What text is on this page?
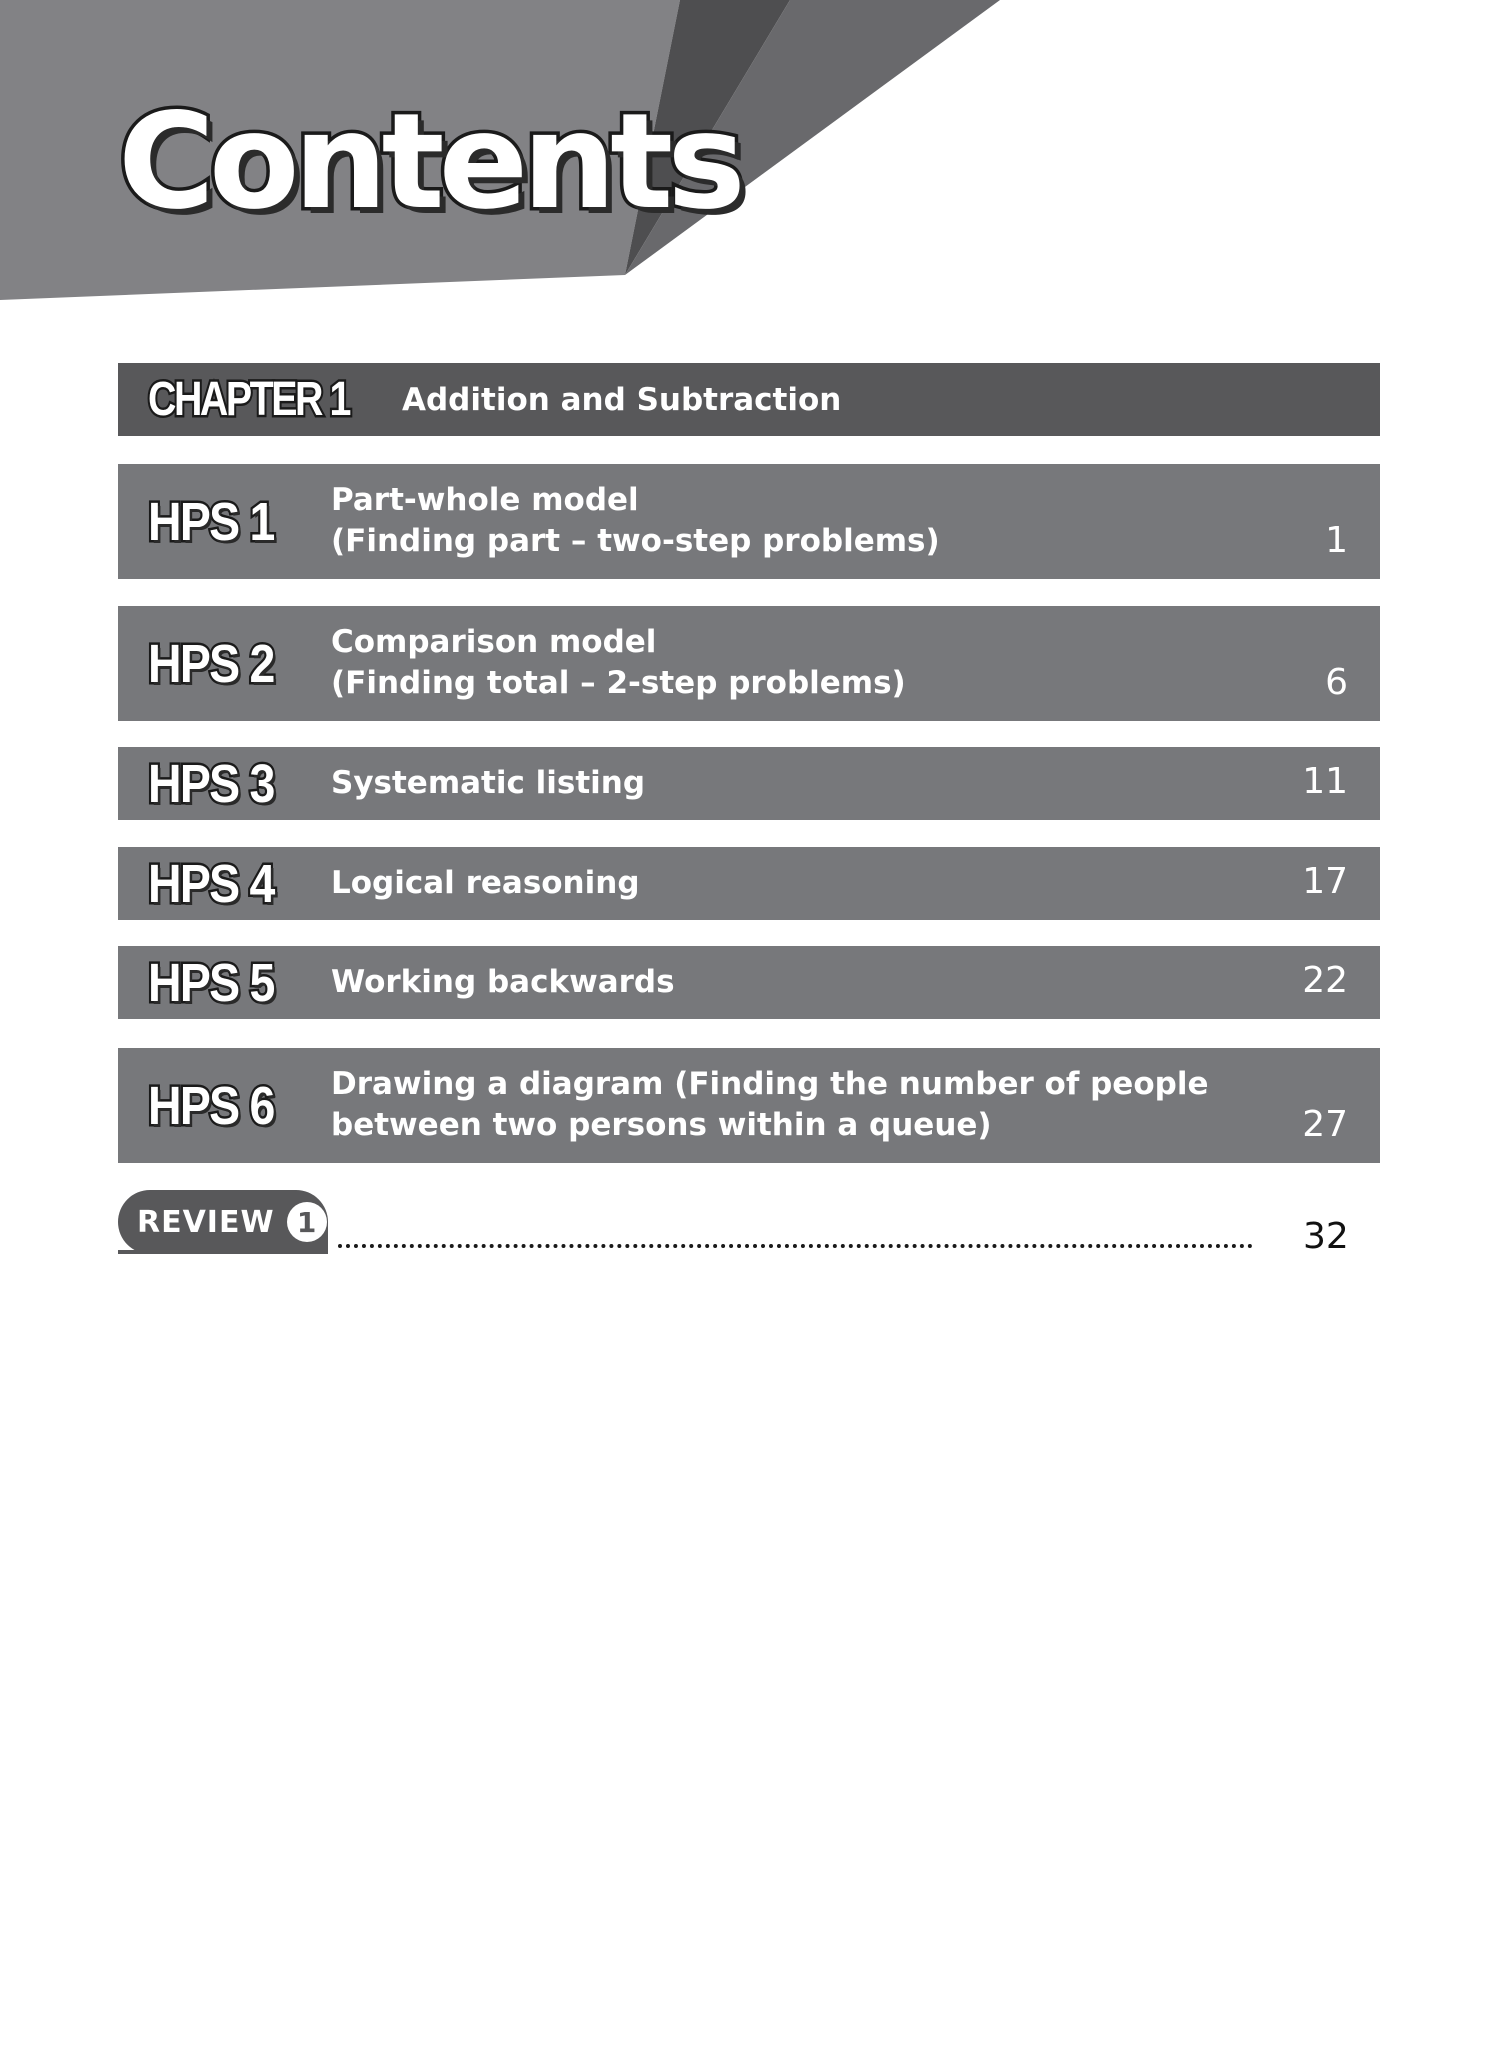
Contents
CHAPTER 1 Addition and Subtraction
HPS 1 Part-whole model
(Finding part – two-step problems)	1
HPS 2 Comparison model
(Finding total – 2-step problems)	6
HPS 3 Systematic listing	11
HPS 4 Logical reasoning	17
HPS 5 Working backwards	22
HPS 6 Drawing a diagram (Finding the number of people
between two persons within a queue)	27
REVIEW 1	32
